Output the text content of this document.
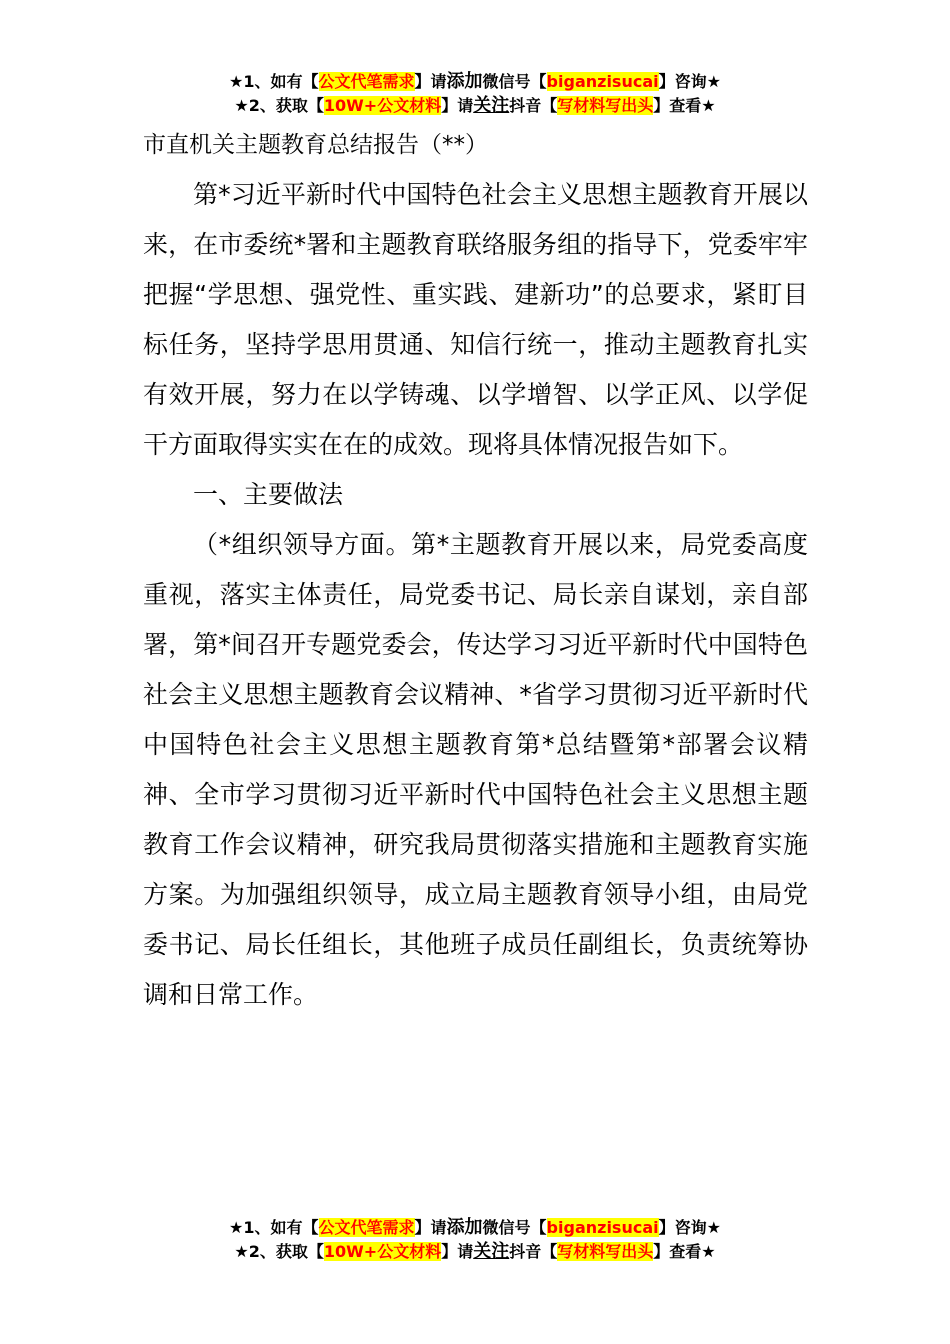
★1、如有【公文代笔需求】请添加微信号【biganzisucai】咨询★
★2、获取【10W+公文材料】请关注抖音【写材料写出头】查看★
市直机关主题教育总结报告（**）

第*习近平新时代中国特色社会主义思想主题教育开展以来，在市委统*署和主题教育联络服务组的指导下，党委牢牢把握“学思想、强党性、重实践、建新功”的总要求，紧盯目标任务，坚持学思用贯通、知信行统一，推动主题教育扎实有效开展，努力在以学铸魂、以学增智、以学正风、以学促干方面取得实实在在的成效。现将具体情况报告如下。

一、主要做法

（*组织领导方面。第*主题教育开展以来，局党委高度重视，落实主体责任，局党委书记、局长亲自谋划，亲自部署，第*间召开专题党委会，传达学习习近平新时代中国特色社会主义思想主题教育会议精神、*省学习贯彻习近平新时代中国特色社会主义思想主题教育第*总结暨第*部署会议精神、全市学习贯彻习近平新时代中国特色社会主义思想主题教育工作会议精神，研究我局贯彻落实措施和主题教育实施方案。为加强组织领导，成立局主题教育领导小组，由局党委书记、局长任组长，其他班子成员任副组长，负责统筹协调和日常工作。

★1、如有【公文代笔需求】请添加微信号【biganzisucai】咨询★
★2、获取【10W+公文材料】请关注抖音【写材料写出头】查看★
